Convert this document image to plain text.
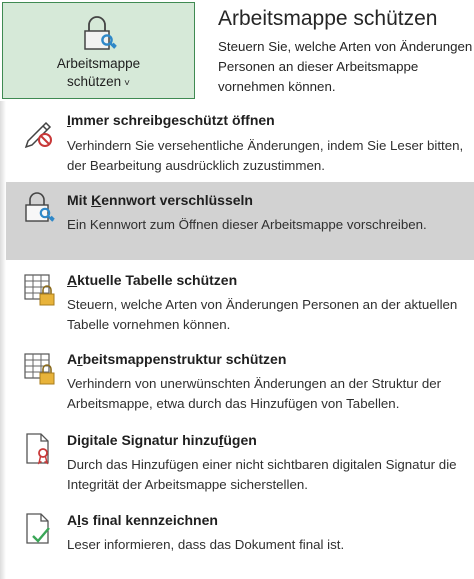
Arbeitsmappe
schützen ˅
Arbeitsmappe schützen
Steuern Sie, welche Arten von Änderungen Personen an dieser Arbeitsmappe vornehmen können.
Immer schreibgeschützt öffnen
Verhindern Sie versehentliche Änderungen, indem Sie Leser bitten, der Bearbeitung ausdrücklich zuzustimmen.
Mit Kennwort verschlüsseln
Ein Kennwort zum Öffnen dieser Arbeitsmappe vorschreiben.
Aktuelle Tabelle schützen
Steuern, welche Arten von Änderungen Personen an der aktuellen Tabelle vornehmen können.
Arbeitsmappenstruktur schützen
Verhindern von unerwünschten Änderungen an der Struktur der Arbeitsmappe, etwa durch das Hinzufügen von Tabellen.
Digitale Signatur hinzufügen
Durch das Hinzufügen einer nicht sichtbaren digitalen Signatur die Integrität der Arbeitsmappe sicherstellen.
Als final kennzeichnen
Leser informieren, dass das Dokument final ist.
